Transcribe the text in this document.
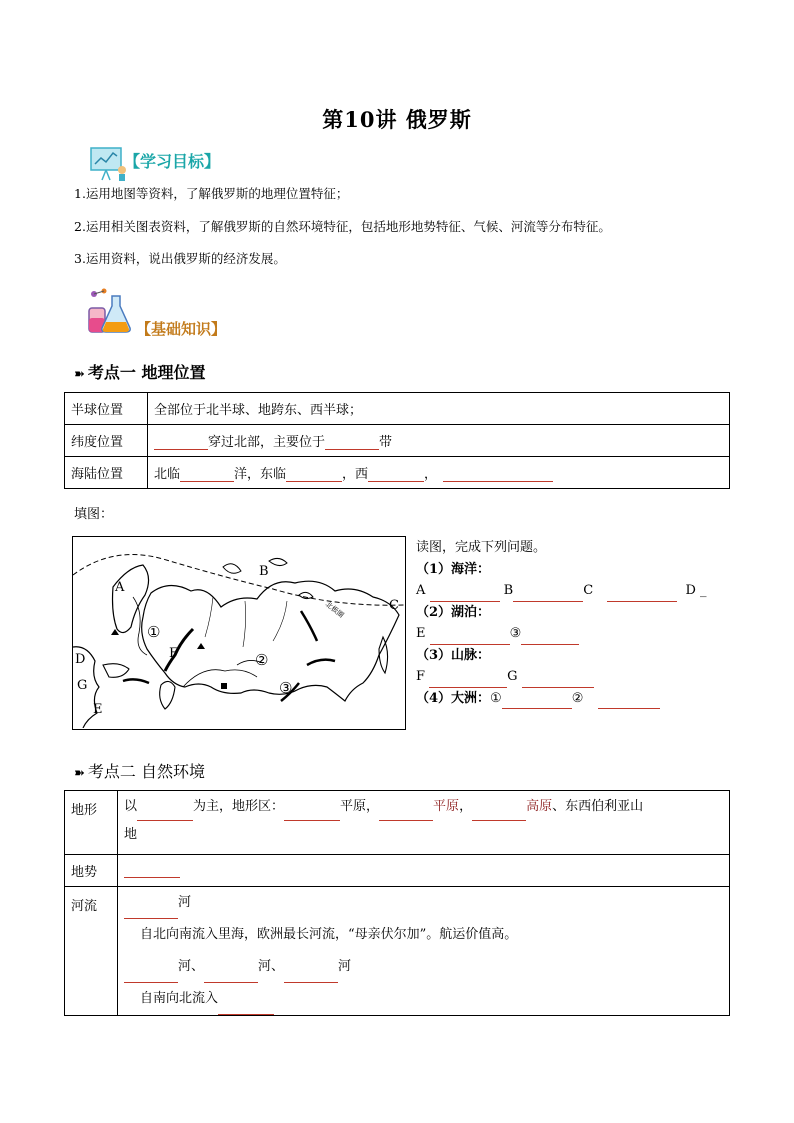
第10讲 俄罗斯
【学习目标】
1.运用地图等资料，了解俄罗斯的地理位置特征；
2.运用相关图表资料，了解俄罗斯的自然环境特征，包括地形地势特征、气候、河流等分布特征。
3.运用资料，说出俄罗斯的经济发展。
【基础知识】
➽ 考点一 地理位置
半球位置	全部位于北半球、地跨东、西半球；
纬度位置	穿过北部，主要位于 带
海陆位置	北临 洋，东临 ，西 ，
填图：
A
B
C
D
E
F
G
①
②
③
北极圈
读图，完成下列问题。
（1）海洋：
A	B	C	D _
（2）湖泊：
E	③
（3）山脉：
F	G
（4）大洲：①	②
➽ 考点二 自然环境
地形	以 为主，地形区： 平原， 平原， 高原、东西伯利亚山
地
地势	
河流	河
自北向南流入里海，欧洲最长河流，“母亲伏尔加”。航运价值高。
河、 河、 河
自南向北流入
